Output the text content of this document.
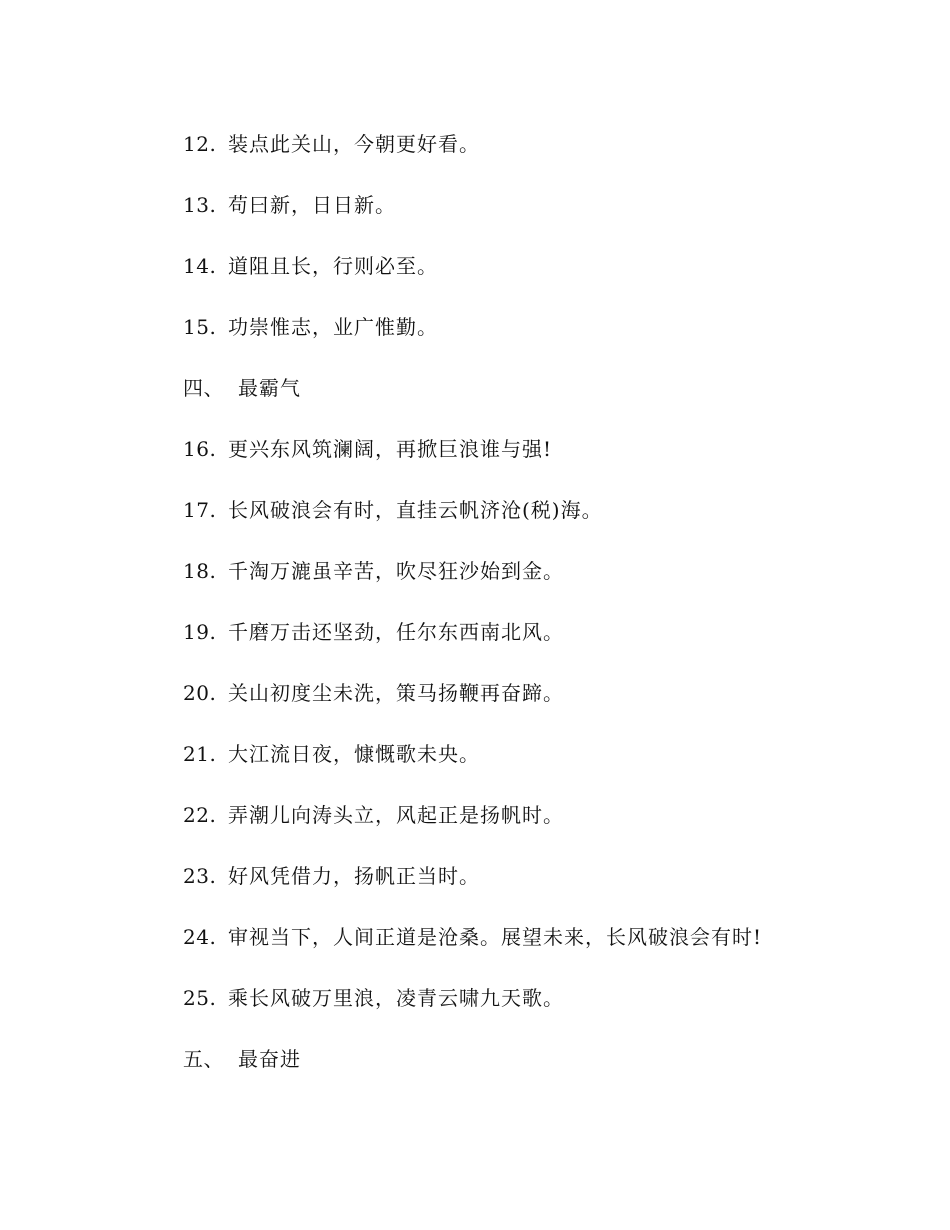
12. 装点此关山，今朝更好看。
13. 苟曰新，日日新。
14. 道阻且长，行则必至。
15. 功崇惟志，业广惟勤。
四、 最霸气
16. 更兴东风筑澜阔，再掀巨浪谁与强!
17. 长风破浪会有时，直挂云帆济沧(税)海。
18. 千淘万漉虽辛苦，吹尽狂沙始到金。
19. 千磨万击还坚劲，任尔东西南北风。
20. 关山初度尘未洗，策马扬鞭再奋蹄。
21. 大江流日夜，慷慨歌未央。
22. 弄潮儿向涛头立，风起正是扬帆时。
23. 好风凭借力，扬帆正当时。
24. 审视当下，人间正道是沧桑。展望未来，长风破浪会有时!
25. 乘长风破万里浪，凌青云啸九天歌。
五、 最奋进
